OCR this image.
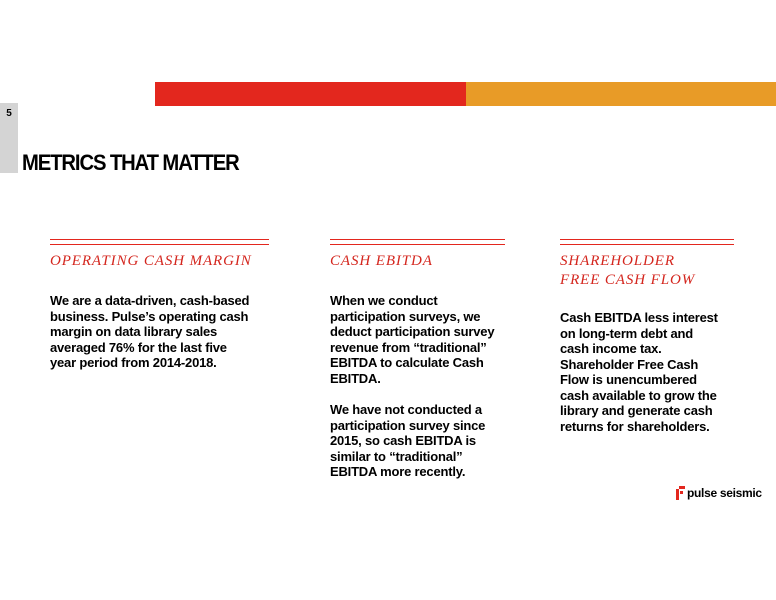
5
METRICS THAT MATTER
OPERATING CASH MARGIN

We are a data-driven, cash-based
business. Pulse’s operating cash
margin on data library sales
averaged 76% for the last five
year period from 2014-2018.

CASH EBITDA

When we conduct
participation surveys, we
deduct participation survey
revenue from “traditional”
EBITDA to calculate Cash
EBITDA.

We have not conducted a
participation survey since
2015, so cash EBITDA is
similar to “traditional”
EBITDA more recently.

SHAREHOLDER
FREE CASH FLOW

Cash EBITDA less interest
on long-term debt and
cash income tax.
Shareholder Free Cash
Flow is unencumbered
cash available to grow the
library and generate cash
returns for shareholders.

pulse seismic
